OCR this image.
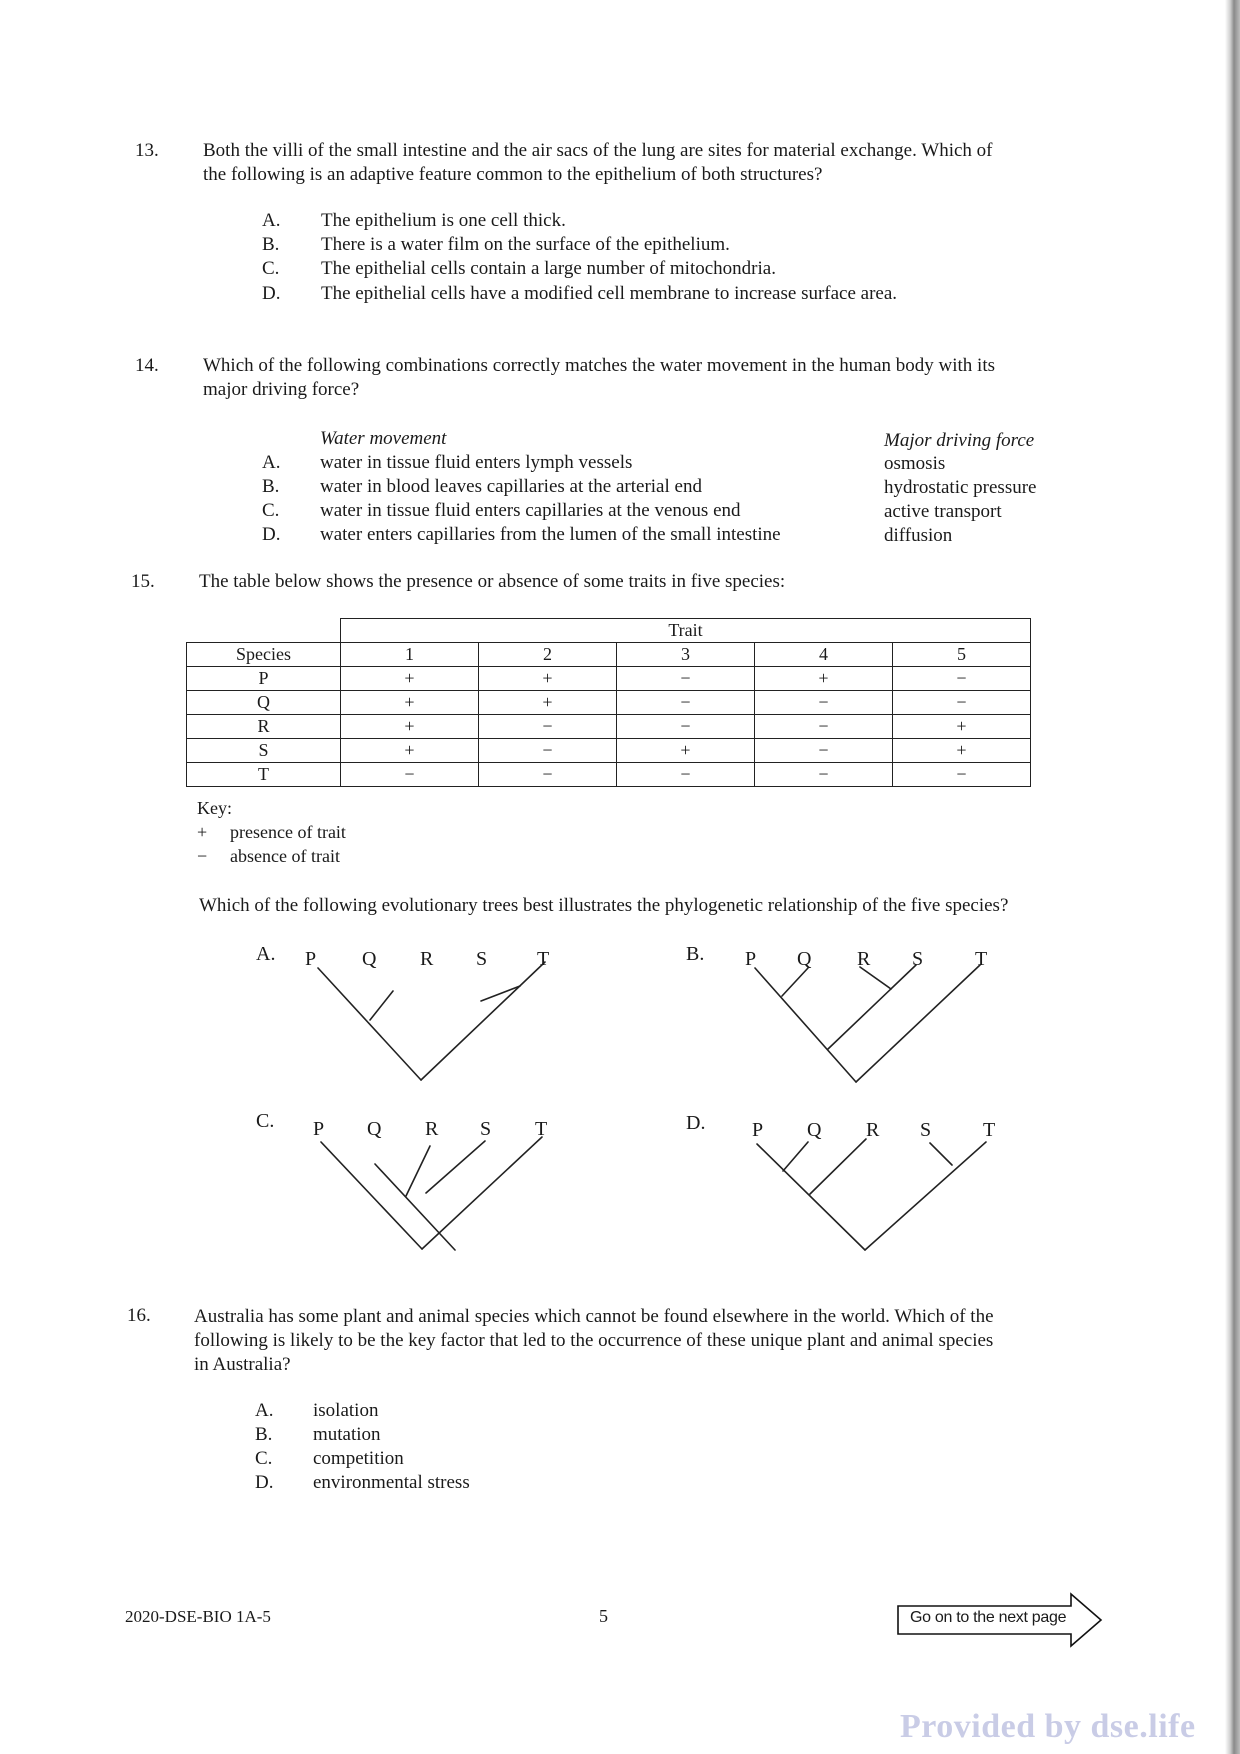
13. Both the villi of the small intestine and the air sacs of the lung are sites for material exchange. Which of
the following is an adaptive feature common to the epithelium of both structures?
A. The epithelium is one cell thick.
B. There is a water film on the surface of the epithelium.
C. The epithelial cells contain a large number of mitochondria.
D. The epithelial cells have a modified cell membrane to increase surface area.
14. Which of the following combinations correctly matches the water movement in the human body with its
major driving force?
Water movement	Major driving force
A. water in tissue fluid enters lymph vessels	osmosis
B. water in blood leaves capillaries at the arterial end	hydrostatic pressure
C. water in tissue fluid enters capillaries at the venous end	active transport
D. water enters capillaries from the lumen of the small intestine	diffusion
15. The table below shows the presence or absence of some traits in five species:
	Trait				
Species	1	2	3	4	5
P	+	+	−	+	−
Q	+	+	−	−	−
R	+	−	−	−	+
S	+	−	+	−	+
T	−	−	−	−	−
Key:
+ presence of trait
− absence of trait
Which of the following evolutionary trees best illustrates the phylogenetic relationship of the five species?
A. P Q R S T	B. P Q R S	T
C. P Q R S T	D. P Q R S	T
16. Australia has some plant and animal species which cannot be found elsewhere in the world. Which of the
following is likely to be the key factor that led to the occurrence of these unique plant and animal species
in Australia?
A. isolation
B. mutation
C. competition
D. environmental stress
2020-DSE-BIO 1A-5	5	Go on to the next page
Provided by dse.life
